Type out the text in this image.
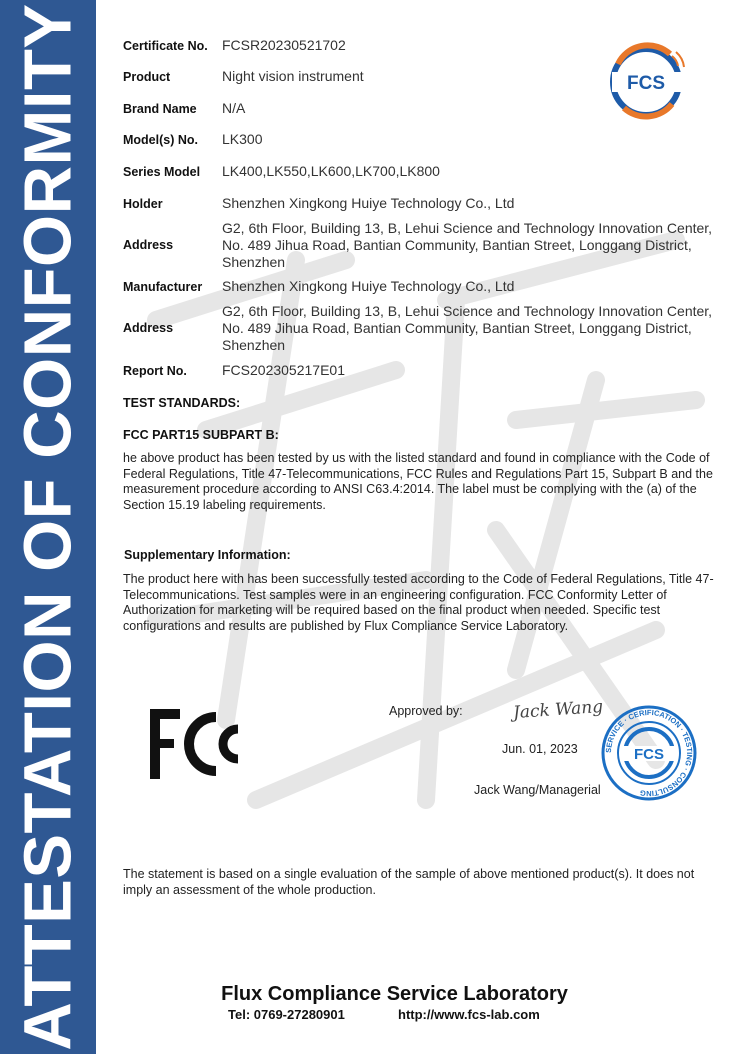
ATTESTATION OF CONFORMITY	FCS
Certificate No. FCSR20230521702
Product	Night vision instrument
Brand Name N/A
Model(s) No. LK300
Series Model LK400,LK550,LK600,LK700,LK800
Holder	Shenzhen Xingkong Huiye Technology Co., Ltd
Address
G2, 6th Floor, Building 13, B, Lehui Science and Technology Innovation Center, No. 489 Jihua Road, Bantian Community, Bantian Street, Longgang District, Shenzhen
Manufacturer Shenzhen Xingkong Huiye Technology Co., Ltd
Address
G2, 6th Floor, Building 13, B, Lehui Science and Technology Innovation Center, No. 489 Jihua Road, Bantian Community, Bantian Street, Longgang District, Shenzhen
Report No.	FCS202305217E01
TEST STANDARDS:
FCC PART15 SUBPART B:
he above product has been tested by us with the listed standard and found in compliance with the Code of Federal Regulations, Title 47-Telecommunications, FCC Rules and Regulations Part 15, Subpart B and the measurement procedure according to ANSI C63.4:2014. The label must be complying with the (a) of the Section 15.19 labeling requirements.
Supplementary Information:
The product here with has been successfully tested according to the Code of Federal Regulations, Title 47-Telecommunications. Test samples were in an engineering configuration. FCC Conformity Letter of Authorization for marketing will be required based on the final product when needed. Specific test configurations and results are published by Flux Compliance Service Laboratory.
Approved by:	Jack Wang
Jun. 01, 2023
Jack Wang/Managerial
SERVICE · CERIFICATION · TESTING · CONSULTING
FCS
The statement is based on a single evaluation of the sample of above mentioned product(s). It does not imply an assessment of the whole production.
Flux Compliance Service Laboratory
Tel: 0769-27280901	http://www.fcs-lab.com
